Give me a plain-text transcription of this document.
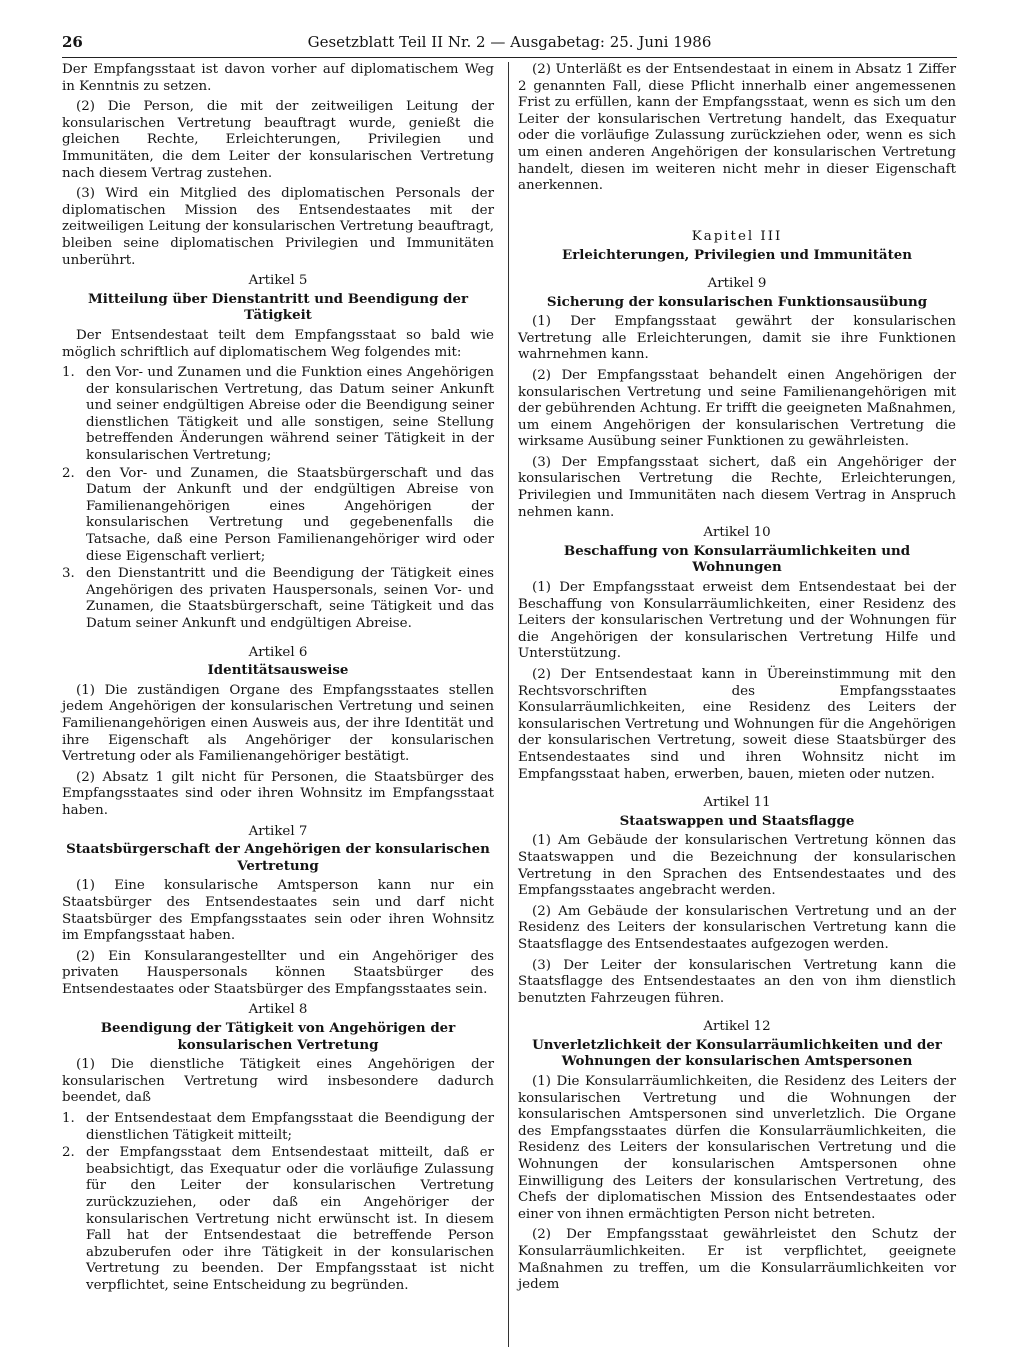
26	Gesetzblatt Teil II Nr. 2 — Ausgabetag: 25. Juni 1986

Der Empfangsstaat ist davon vorher auf diplomatischem Weg in Kenntnis zu setzen.

(2) Die Person, die mit der zeitweiligen Leitung der konsularischen Vertretung beauftragt wurde, genießt die gleichen Rechte, Erleichterungen, Privilegien und Immunitäten, die dem Leiter der konsularischen Vertretung nach diesem Vertrag zustehen.

(3) Wird ein Mitglied des diplomatischen Personals der diplomatischen Mission des Entsendestaates mit der zeitweiligen Leitung der konsularischen Vertretung beauftragt, bleiben seine diplomatischen Privilegien und Immunitäten unberührt.

Artikel 5
Mitteilung über Dienstantritt und Beendigung der Tätigkeit

Der Entsendestaat teilt dem Empfangsstaat so bald wie möglich schriftlich auf diplomatischem Weg folgendes mit:

1. den Vor- und Zunamen und die Funktion eines Angehörigen der konsularischen Vertretung, das Datum seiner Ankunft und seiner endgültigen Abreise oder die Beendigung seiner dienstlichen Tätigkeit und alle sonstigen, seine Stellung betreffenden Änderungen während seiner Tätigkeit in der konsularischen Vertretung;
2. den Vor- und Zunamen, die Staatsbürgerschaft und das Datum der Ankunft und der endgültigen Abreise von Familienangehörigen eines Angehörigen der konsularischen Vertretung und gegebenenfalls die Tatsache, daß eine Person Familienangehöriger wird oder diese Eigenschaft verliert;
3. den Dienstantritt und die Beendigung der Tätigkeit eines Angehörigen des privaten Hauspersonals, seinen Vor- und Zunamen, die Staatsbürgerschaft, seine Tätigkeit und das Datum seiner Ankunft und endgültigen Abreise.
Artikel 6
Identitätsausweise

(1) Die zuständigen Organe des Empfangsstaates stellen jedem Angehörigen der konsularischen Vertretung und seinen Familienangehörigen einen Ausweis aus, der ihre Identität und ihre Eigenschaft als Angehöriger der konsularischen Vertretung oder als Familienangehöriger bestätigt.

(2) Absatz 1 gilt nicht für Personen, die Staatsbürger des Empfangsstaates sind oder ihren Wohnsitz im Empfangsstaat haben.

Artikel 7
Staatsbürgerschaft der Angehörigen der konsularischen Vertretung

(1) Eine konsularische Amtsperson kann nur ein Staatsbürger des Entsendestaates sein und darf nicht Staatsbürger des Empfangsstaates sein oder ihren Wohnsitz im Empfangsstaat haben.

(2) Ein Konsularangestellter und ein Angehöriger des privaten Hauspersonals können Staatsbürger des Entsendestaates oder Staatsbürger des Empfangsstaates sein.

Artikel 8
Beendigung der Tätigkeit von Angehörigen der konsularischen Vertretung

(1) Die dienstliche Tätigkeit eines Angehörigen der konsularischen Vertretung wird insbesondere dadurch beendet, daß

1. der Entsendestaat dem Empfangsstaat die Beendigung der dienstlichen Tätigkeit mitteilt;
2. der Empfangsstaat dem Entsendestaat mitteilt, daß er beabsichtigt, das Exequatur oder die vorläufige Zulassung für den Leiter der konsularischen Vertretung zurückzuziehen, oder daß ein Angehöriger der konsularischen Vertretung nicht erwünscht ist. In diesem Fall hat der Entsendestaat die betreffende Person abzuberufen oder ihre Tätigkeit in der konsularischen Vertretung zu beenden. Der Empfangsstaat ist nicht verpflichtet, seine Entscheidung zu begründen.

(2) Unterläßt es der Entsendestaat in einem in Absatz 1 Ziffer 2 genannten Fall, diese Pflicht innerhalb einer angemessenen Frist zu erfüllen, kann der Empfangsstaat, wenn es sich um den Leiter der konsularischen Vertretung handelt, das Exequatur oder die vorläufige Zulassung zurückziehen oder, wenn es sich um einen anderen Angehörigen der konsularischen Vertretung handelt, diesen im weiteren nicht mehr in dieser Eigenschaft anerkennen.

Kapitel III
Erleichterungen, Privilegien und Immunitäten
Artikel 9
Sicherung der konsularischen Funktionsausübung

(1) Der Empfangsstaat gewährt der konsularischen Vertretung alle Erleichterungen, damit sie ihre Funktionen wahrnehmen kann.

(2) Der Empfangsstaat behandelt einen Angehörigen der konsularischen Vertretung und seine Familienangehörigen mit der gebührenden Achtung. Er trifft die geeigneten Maßnahmen, um einem Angehörigen der konsularischen Vertretung die wirksame Ausübung seiner Funktionen zu gewährleisten.

(3) Der Empfangsstaat sichert, daß ein Angehöriger der konsularischen Vertretung die Rechte, Erleichterungen, Privilegien und Immunitäten nach diesem Vertrag in Anspruch nehmen kann.

Artikel 10
Beschaffung von Konsularräumlichkeiten und Wohnungen

(1) Der Empfangsstaat erweist dem Entsendestaat bei der Beschaffung von Konsularräumlichkeiten, einer Residenz des Leiters der konsularischen Vertretung und der Wohnungen für die Angehörigen der konsularischen Vertretung Hilfe und Unterstützung.

(2) Der Entsendestaat kann in Übereinstimmung mit den Rechtsvorschriften des Empfangsstaates Konsularräumlichkeiten, eine Residenz des Leiters der konsularischen Vertretung und Wohnungen für die Angehörigen der konsularischen Vertretung, soweit diese Staatsbürger des Entsendestaates sind und ihren Wohnsitz nicht im Empfangsstaat haben, erwerben, bauen, mieten oder nutzen.

Artikel 11
Staatswappen und Staatsflagge

(1) Am Gebäude der konsularischen Vertretung können das Staatswappen und die Bezeichnung der konsularischen Vertretung in den Sprachen des Entsendestaates und des Empfangsstaates angebracht werden.

(2) Am Gebäude der konsularischen Vertretung und an der Residenz des Leiters der konsularischen Vertretung kann die Staatsflagge des Entsendestaates aufgezogen werden.

(3) Der Leiter der konsularischen Vertretung kann die Staatsflagge des Entsendestaates an den von ihm dienstlich benutzten Fahrzeugen führen.

Artikel 12
Unverletzlichkeit der Konsularräumlichkeiten und der Wohnungen der konsularischen Amtspersonen

(1) Die Konsularräumlichkeiten, die Residenz des Leiters der konsularischen Vertretung und die Wohnungen der konsularischen Amtspersonen sind unverletzlich. Die Organe des Empfangsstaates dürfen die Konsularräumlichkeiten, die Residenz des Leiters der konsularischen Vertretung und die Wohnungen der konsularischen Amtspersonen ohne Einwilligung des Leiters der konsularischen Vertretung, des Chefs der diplomatischen Mission des Entsendestaates oder einer von ihnen ermächtigten Person nicht betreten.

(2) Der Empfangsstaat gewährleistet den Schutz der Konsularräumlichkeiten. Er ist verpflichtet, geeignete Maßnahmen zu treffen, um die Konsularräumlichkeiten vor jedem
